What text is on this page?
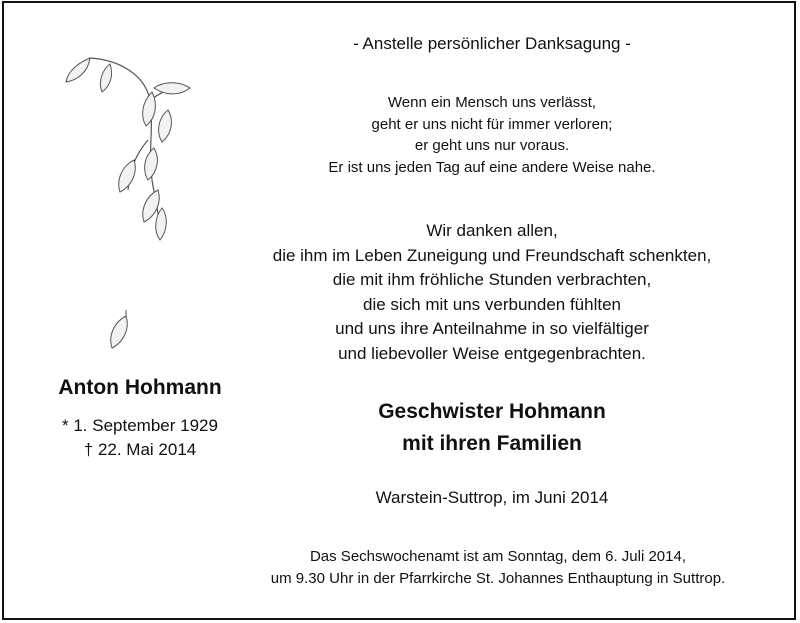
- Anstelle persönlicher Danksagung -
Wenn ein Mensch uns verlässt,
geht er uns nicht für immer verloren;
er geht uns nur voraus.
Er ist uns jeden Tag auf eine andere Weise nahe.
Wir danken allen,
die ihm im Leben Zuneigung und Freundschaft schenkten,
die mit ihm fröhliche Stunden verbrachten,
die sich mit uns verbunden fühlten
und uns ihre Anteilnahme in so vielfältiger
und liebevoller Weise entgegenbrachten.
Anton Hohmann
* 1. September 1929
† 22. Mai 2014
Geschwister Hohmann
mit ihren Familien
Warstein-Suttrop, im Juni 2014
Das Sechswochenamt ist am Sonntag, dem 6. Juli 2014,
um 9.30 Uhr in der Pfarrkirche St. Johannes Enthauptung in Suttrop.
